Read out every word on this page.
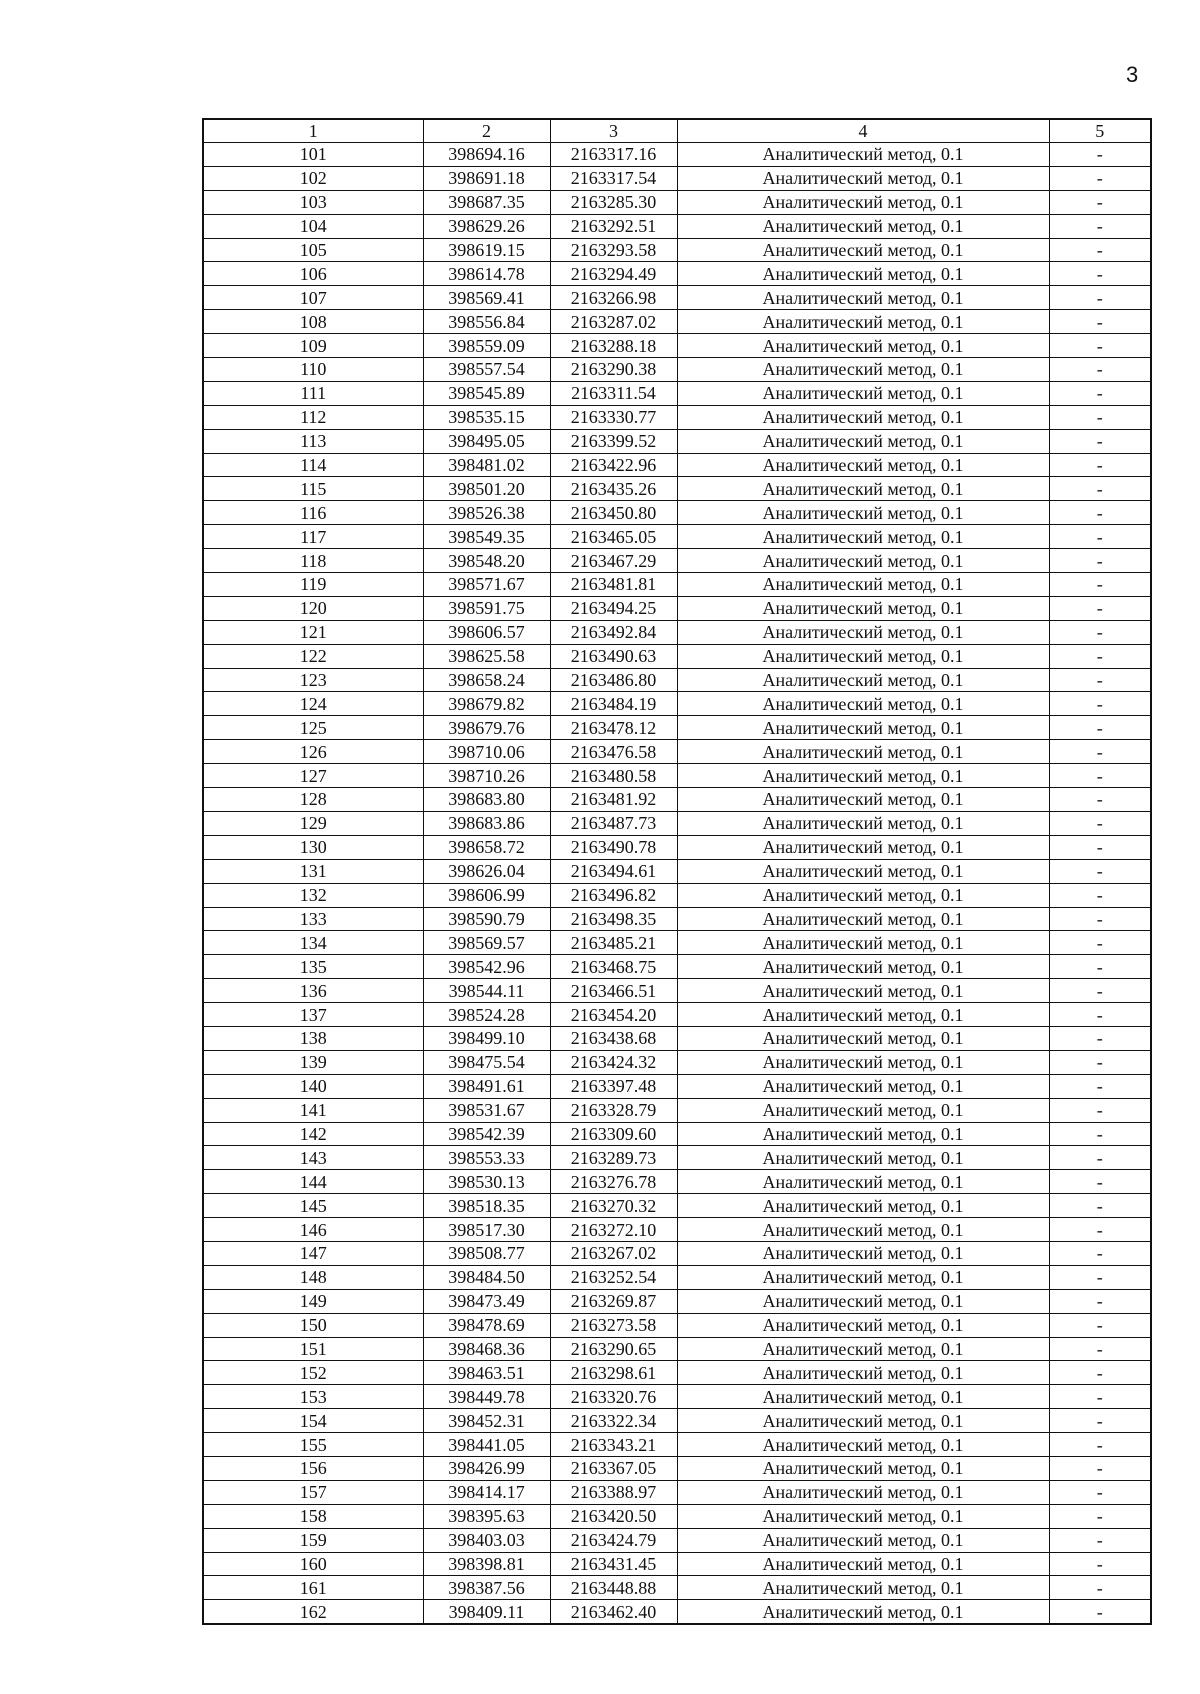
3
1	2	3	4	5
101	398694.16	2163317.16	Аналитический метод, 0.1	-
102	398691.18	2163317.54	Аналитический метод, 0.1	-
103	398687.35	2163285.30	Аналитический метод, 0.1	-
104	398629.26	2163292.51	Аналитический метод, 0.1	-
105	398619.15	2163293.58	Аналитический метод, 0.1	-
106	398614.78	2163294.49	Аналитический метод, 0.1	-
107	398569.41	2163266.98	Аналитический метод, 0.1	-
108	398556.84	2163287.02	Аналитический метод, 0.1	-
109	398559.09	2163288.18	Аналитический метод, 0.1	-
110	398557.54	2163290.38	Аналитический метод, 0.1	-
111	398545.89	2163311.54	Аналитический метод, 0.1	-
112	398535.15	2163330.77	Аналитический метод, 0.1	-
113	398495.05	2163399.52	Аналитический метод, 0.1	-
114	398481.02	2163422.96	Аналитический метод, 0.1	-
115	398501.20	2163435.26	Аналитический метод, 0.1	-
116	398526.38	2163450.80	Аналитический метод, 0.1	-
117	398549.35	2163465.05	Аналитический метод, 0.1	-
118	398548.20	2163467.29	Аналитический метод, 0.1	-
119	398571.67	2163481.81	Аналитический метод, 0.1	-
120	398591.75	2163494.25	Аналитический метод, 0.1	-
121	398606.57	2163492.84	Аналитический метод, 0.1	-
122	398625.58	2163490.63	Аналитический метод, 0.1	-
123	398658.24	2163486.80	Аналитический метод, 0.1	-
124	398679.82	2163484.19	Аналитический метод, 0.1	-
125	398679.76	2163478.12	Аналитический метод, 0.1	-
126	398710.06	2163476.58	Аналитический метод, 0.1	-
127	398710.26	2163480.58	Аналитический метод, 0.1	-
128	398683.80	2163481.92	Аналитический метод, 0.1	-
129	398683.86	2163487.73	Аналитический метод, 0.1	-
130	398658.72	2163490.78	Аналитический метод, 0.1	-
131	398626.04	2163494.61	Аналитический метод, 0.1	-
132	398606.99	2163496.82	Аналитический метод, 0.1	-
133	398590.79	2163498.35	Аналитический метод, 0.1	-
134	398569.57	2163485.21	Аналитический метод, 0.1	-
135	398542.96	2163468.75	Аналитический метод, 0.1	-
136	398544.11	2163466.51	Аналитический метод, 0.1	-
137	398524.28	2163454.20	Аналитический метод, 0.1	-
138	398499.10	2163438.68	Аналитический метод, 0.1	-
139	398475.54	2163424.32	Аналитический метод, 0.1	-
140	398491.61	2163397.48	Аналитический метод, 0.1	-
141	398531.67	2163328.79	Аналитический метод, 0.1	-
142	398542.39	2163309.60	Аналитический метод, 0.1	-
143	398553.33	2163289.73	Аналитический метод, 0.1	-
144	398530.13	2163276.78	Аналитический метод, 0.1	-
145	398518.35	2163270.32	Аналитический метод, 0.1	-
146	398517.30	2163272.10	Аналитический метод, 0.1	-
147	398508.77	2163267.02	Аналитический метод, 0.1	-
148	398484.50	2163252.54	Аналитический метод, 0.1	-
149	398473.49	2163269.87	Аналитический метод, 0.1	-
150	398478.69	2163273.58	Аналитический метод, 0.1	-
151	398468.36	2163290.65	Аналитический метод, 0.1	-
152	398463.51	2163298.61	Аналитический метод, 0.1	-
153	398449.78	2163320.76	Аналитический метод, 0.1	-
154	398452.31	2163322.34	Аналитический метод, 0.1	-
155	398441.05	2163343.21	Аналитический метод, 0.1	-
156	398426.99	2163367.05	Аналитический метод, 0.1	-
157	398414.17	2163388.97	Аналитический метод, 0.1	-
158	398395.63	2163420.50	Аналитический метод, 0.1	-
159	398403.03	2163424.79	Аналитический метод, 0.1	-
160	398398.81	2163431.45	Аналитический метод, 0.1	-
161	398387.56	2163448.88	Аналитический метод, 0.1	-
162	398409.11	2163462.40	Аналитический метод, 0.1	-
